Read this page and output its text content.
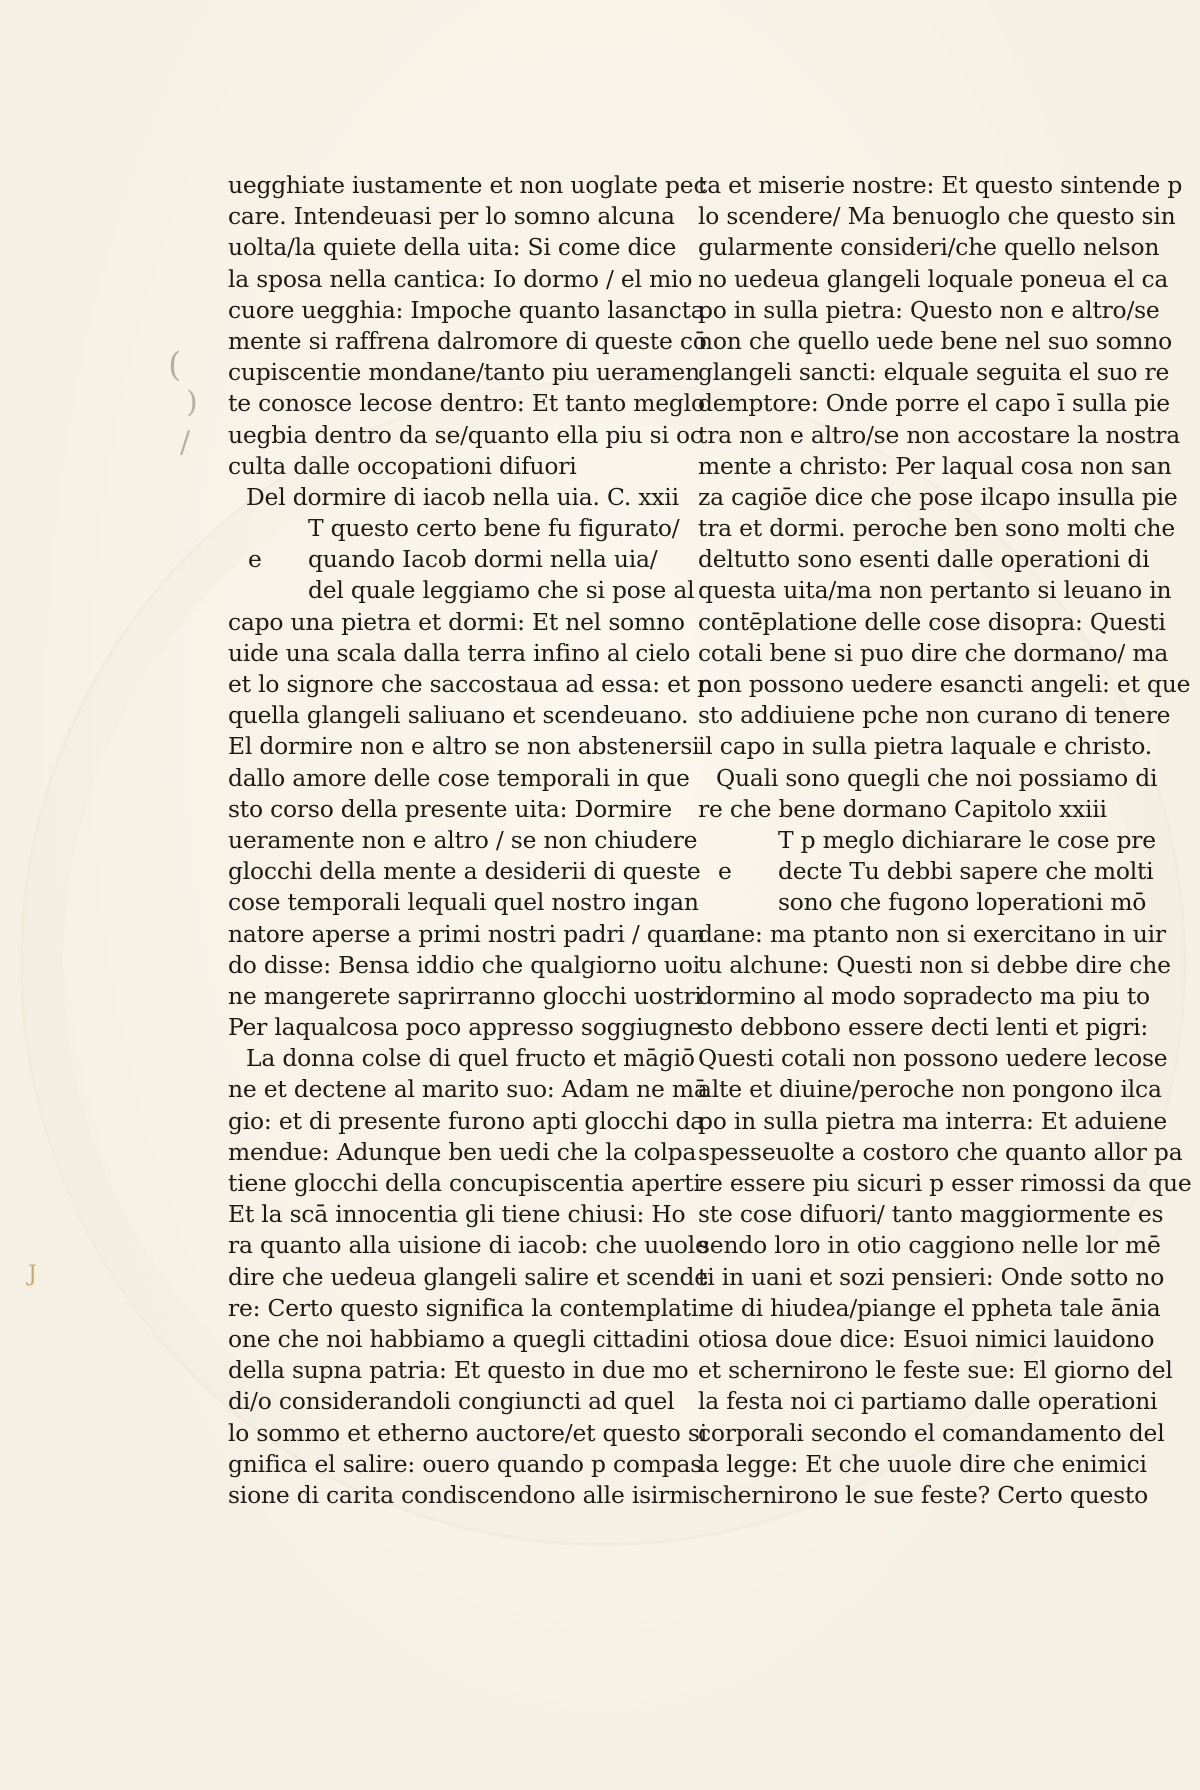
(
)
/
J
uegghiate iustamente et non uoglate pec
care. Intendeuasi per lo somno alcuna
uolta/la quiete della uita: Si come dice
la sposa nella cantica: Io dormo / el mio
cuore uegghia: Impoche quanto lasancta
mente si raffrena dalromore di queste cō
cupiscentie mondane/tanto piu ueramen
te conosce lecose dentro: Et tanto meglo
uegbia dentro da se/quanto ella piu si oc
culta dalle occopationi difuori
Del dormire di iacob nella uia. C. xxii
T questo certo bene fu figurato/
e quando Iacob dormi nella uia/
del quale leggiamo che si pose al
capo una pietra et dormi: Et nel somno
uide una scala dalla terra infino al cielo
et lo signore che saccostaua ad essa: et p
quella glangeli saliuano et scendeuano.
El dormire non e altro se non abstenersi
dallo amore delle cose temporali in que
sto corso della presente uita: Dormire
ueramente non e altro / se non chiudere
glocchi della mente a desiderii di queste
cose temporali lequali quel nostro ingan
natore aperse a primi nostri padri / quan
do disse: Bensa iddio che qualgiorno uoi
ne mangerete saprirranno glocchi uostri
Per laqualcosa poco appresso soggiugne
La donna colse di quel fructo et māgiō
ne et dectene al marito suo: Adam ne mā
gio: et di presente furono apti glocchi da
mendue: Adunque ben uedi che la colpa
tiene glocchi della concupiscentia aperti
Et la scā innocentia gli tiene chiusi: Ho
ra quanto alla uisione di iacob: che uuole
dire che uedeua glangeli salire et scende
re: Certo questo significa la contemplati
one che noi habbiamo a quegli cittadini
della supna patria: Et questo in due mo
di/o considerandoli congiuncti ad quel
lo sommo et etherno auctore/et questo si
gnifica el salire: ouero quando p compas
sione di carita condiscendono alle isirmi
ta et miserie nostre: Et questo sintende p
lo scendere/ Ma benuoglo che questo sin
gularmente consideri/che quello nelson
no uedeua glangeli loquale poneua el ca
po in sulla pietra: Questo non e altro/se
non che quello uede bene nel suo somno
glangeli sancti: elquale seguita el suo re
demptore: Onde porre el capo ī sulla pie
tra non e altro/se non accostare la nostra
mente a christo: Per laqual cosa non san
za cagiōe dice che pose ilcapo insulla pie
tra et dormi. peroche ben sono molti che
deltutto sono esenti dalle operationi di
questa uita/ma non pertanto si leuano in
contēplatione delle cose disopra: Questi
cotali bene si puo dire che dormano/ ma
non possono uedere esancti angeli: et que
sto addiuiene pche non curano di tenere
il capo in sulla pietra laquale e christo.
Quali sono quegli che noi possiamo di
re che bene dormano Capitolo xxiii
T p meglo dichiarare le cose pre
e decte Tu debbi sapere che molti
sono che fugono loperationi mō
dane: ma ptanto non si exercitano in uir
tu alchune: Questi non si debbe dire che
dormino al modo sopradecto ma piu to
sto debbono essere decti lenti et pigri:
Questi cotali non possono uedere lecose
alte et diuine/peroche non pongono ilca
po in sulla pietra ma interra: Et aduiene
spesseuolte a costoro che quanto allor pa
re essere piu sicuri p esser rimossi da que
ste cose difuori/ tanto maggiormente es
sendo loro in otio caggiono nelle lor mē
ti in uani et sozi pensieri: Onde sotto no
me di hiudea/piange el ppheta tale ānia
otiosa doue dice: Esuoi nimici lauidono
et schernirono le feste sue: El giorno del
la festa noi ci partiamo dalle operationi
corporali secondo el comandamento del
la legge: Et che uuole dire che enimici
schernirono le sue feste? Certo questo
